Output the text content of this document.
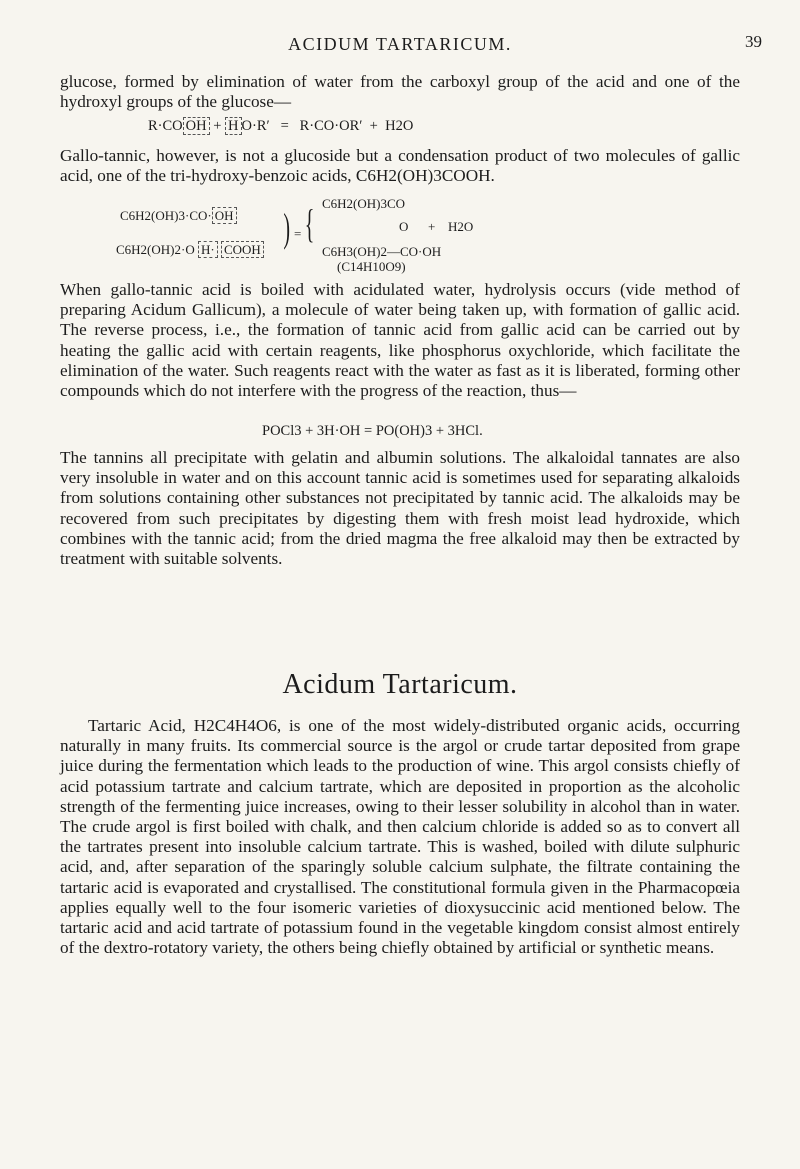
ACIDUM TARTARICUM.	39

glucose, formed by elimination of water from the carboxyl group of the acid and one of the hydroxyl groups of the glucose—

R·CO OH + H O·R′ = R·CO·OR′ + H2O

Gallo-tannic, however, is not a glucoside but a condensation product of two molecules of gallic acid, one of the tri-hydroxy-benzoic acids, C6H2(OH)3COOH.

C6H2(OH)3·CO· OH
C6H2(OH)2·O H· COOH ) = { C6H2(OH)3CO
O + H2O
C6H3(OH)2—CO·OH
(C14H10O9)

When gallo-tannic acid is boiled with acidulated water, hydrolysis occurs (vide method of preparing Acidum Gallicum), a molecule of water being taken up, with formation of gallic acid. The reverse process, i.e., the formation of tannic acid from gallic acid can be carried out by heating the gallic acid with certain reagents, like phosphorus oxychloride, which facilitate the elimination of the water. Such reagents react with the water as fast as it is liberated, forming other compounds which do not interfere with the progress of the reaction, thus—

POCl3 + 3H·OH = PO(OH)3 + 3HCl.

The tannins all precipitate with gelatin and albumin solutions. The alkaloidal tannates are also very insoluble in water and on this account tannic acid is sometimes used for separating alkaloids from solutions containing other substances not precipitated by tannic acid. The alkaloids may be recovered from such precipitates by digesting them with fresh moist lead hydroxide, which combines with the tannic acid; from the dried magma the free alkaloid may then be extracted by treatment with suitable solvents.

Acidum Tartaricum.

Tartaric Acid, H2C4H4O6, is one of the most widely-distributed organic acids, occurring naturally in many fruits. Its commercial source is the argol or crude tartar deposited from grape juice during the fermentation which leads to the production of wine. This argol consists chiefly of acid potassium tartrate and calcium tartrate, which are deposited in proportion as the alcoholic strength of the fermenting juice increases, owing to their lesser solubility in alcohol than in water. The crude argol is first boiled with chalk, and then calcium chloride is added so as to convert all the tartrates present into insoluble calcium tartrate. This is washed, boiled with dilute sulphuric acid, and, after separation of the sparingly soluble calcium sulphate, the filtrate containing the tartaric acid is evaporated and crystallised. The constitutional formula given in the Pharmacopœia applies equally well to the four isomeric varieties of dioxysuccinic acid mentioned below. The tartaric acid and acid tartrate of potassium found in the vegetable kingdom consist almost entirely of the dextro-rotatory variety, the others being chiefly obtained by artificial or synthetic means.
